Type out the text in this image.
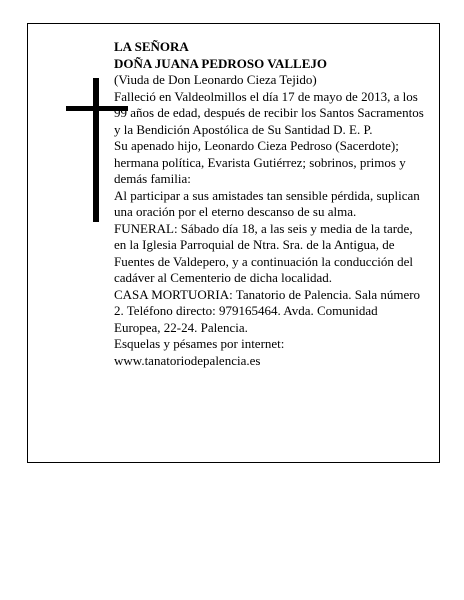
LA SEÑORA

DOÑA JUANA PEDROSO VALLEJO

(Viuda de Don Leonardo Cieza Tejido)

Falleció en Valdeolmillos el día 17 de mayo de 2013, a los 99 años de edad, después de recibir los Santos Sacramentos y la Bendición Apostólica de Su Santidad D. E. P.

Su apenado hijo, Leonardo Cieza Pedroso (Sacerdote); hermana política, Evarista Gutiérrez; sobrinos, primos y demás familia:

Al participar a sus amistades tan sensible pérdida, suplican una oración por el eterno descanso de su alma.

FUNERAL: Sábado día 18, a las seis y media de la tarde, en la Iglesia Parroquial de Ntra. Sra. de la Antigua, de Fuentes de Valdepero, y a continuación la conducción del cadáver al Cementerio de dicha localidad.

CASA MORTUORIA: Tanatorio de Palencia. Sala número 2. Teléfono directo: 979165464. Avda. Comunidad Europea, 22-24. Palencia.

Esquelas y pésames por internet:

www.tanatoriodepalencia.es
